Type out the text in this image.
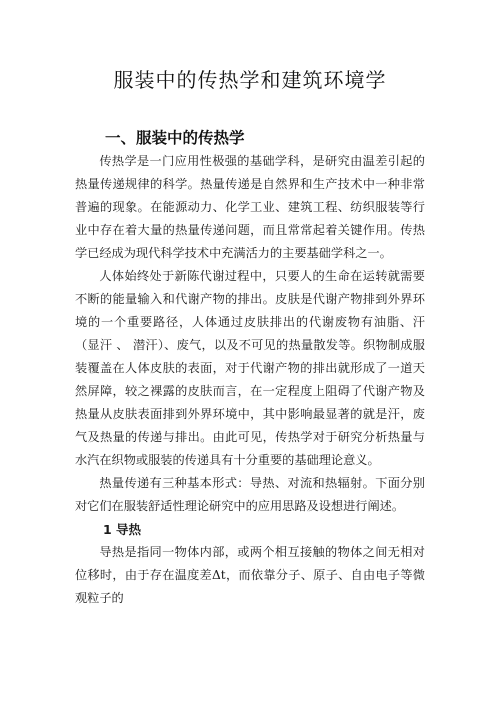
服装中的传热学和建筑环境学
一、服装中的传热学

传热学是一门应用性极强的基础学科，是研究由温差引起的热量传递规律的科学。热量传递是自然界和生产技术中一种非常普遍的现象。在能源动力、化学工业、建筑工程、纺织服装等行业中存在着大量的热量传递问题，而且常常起着关键作用。传热学已经成为现代科学技术中充满活力的主要基础学科之一。

人体始终处于新陈代谢过程中，只要人的生命在运转就需要不断的能量输入和代谢产物的排出。皮肤是代谢产物排到外界环境的一个重要路径，人体通过皮肤排出的代谢废物有油脂、汗（显汗 、 潜汗）、废气，以及不可见的热量散发等。织物制成服装覆盖在人体皮肤的表面，对于代谢产物的排出就形成了一道天然屏障，较之裸露的皮肤而言，在一定程度上阻碍了代谢产物及热量从皮肤表面排到外界环境中，其中影响最显著的就是汗，废气及热量的传递与排出。由此可见，传热学对于研究分析热量与水汽在织物或服装的传递具有十分重要的基础理论意义。

热量传递有三种基本形式：导热、对流和热辐射。下面分别对它们在服装舒适性理论研究中的应用思路及设想进行阐述。

1 导热

导热是指同一物体内部，或两个相互接触的物体之间无相对位移时，由于存在温度差Δt，而依靠分子、原子、自由电子等微观粒子的
